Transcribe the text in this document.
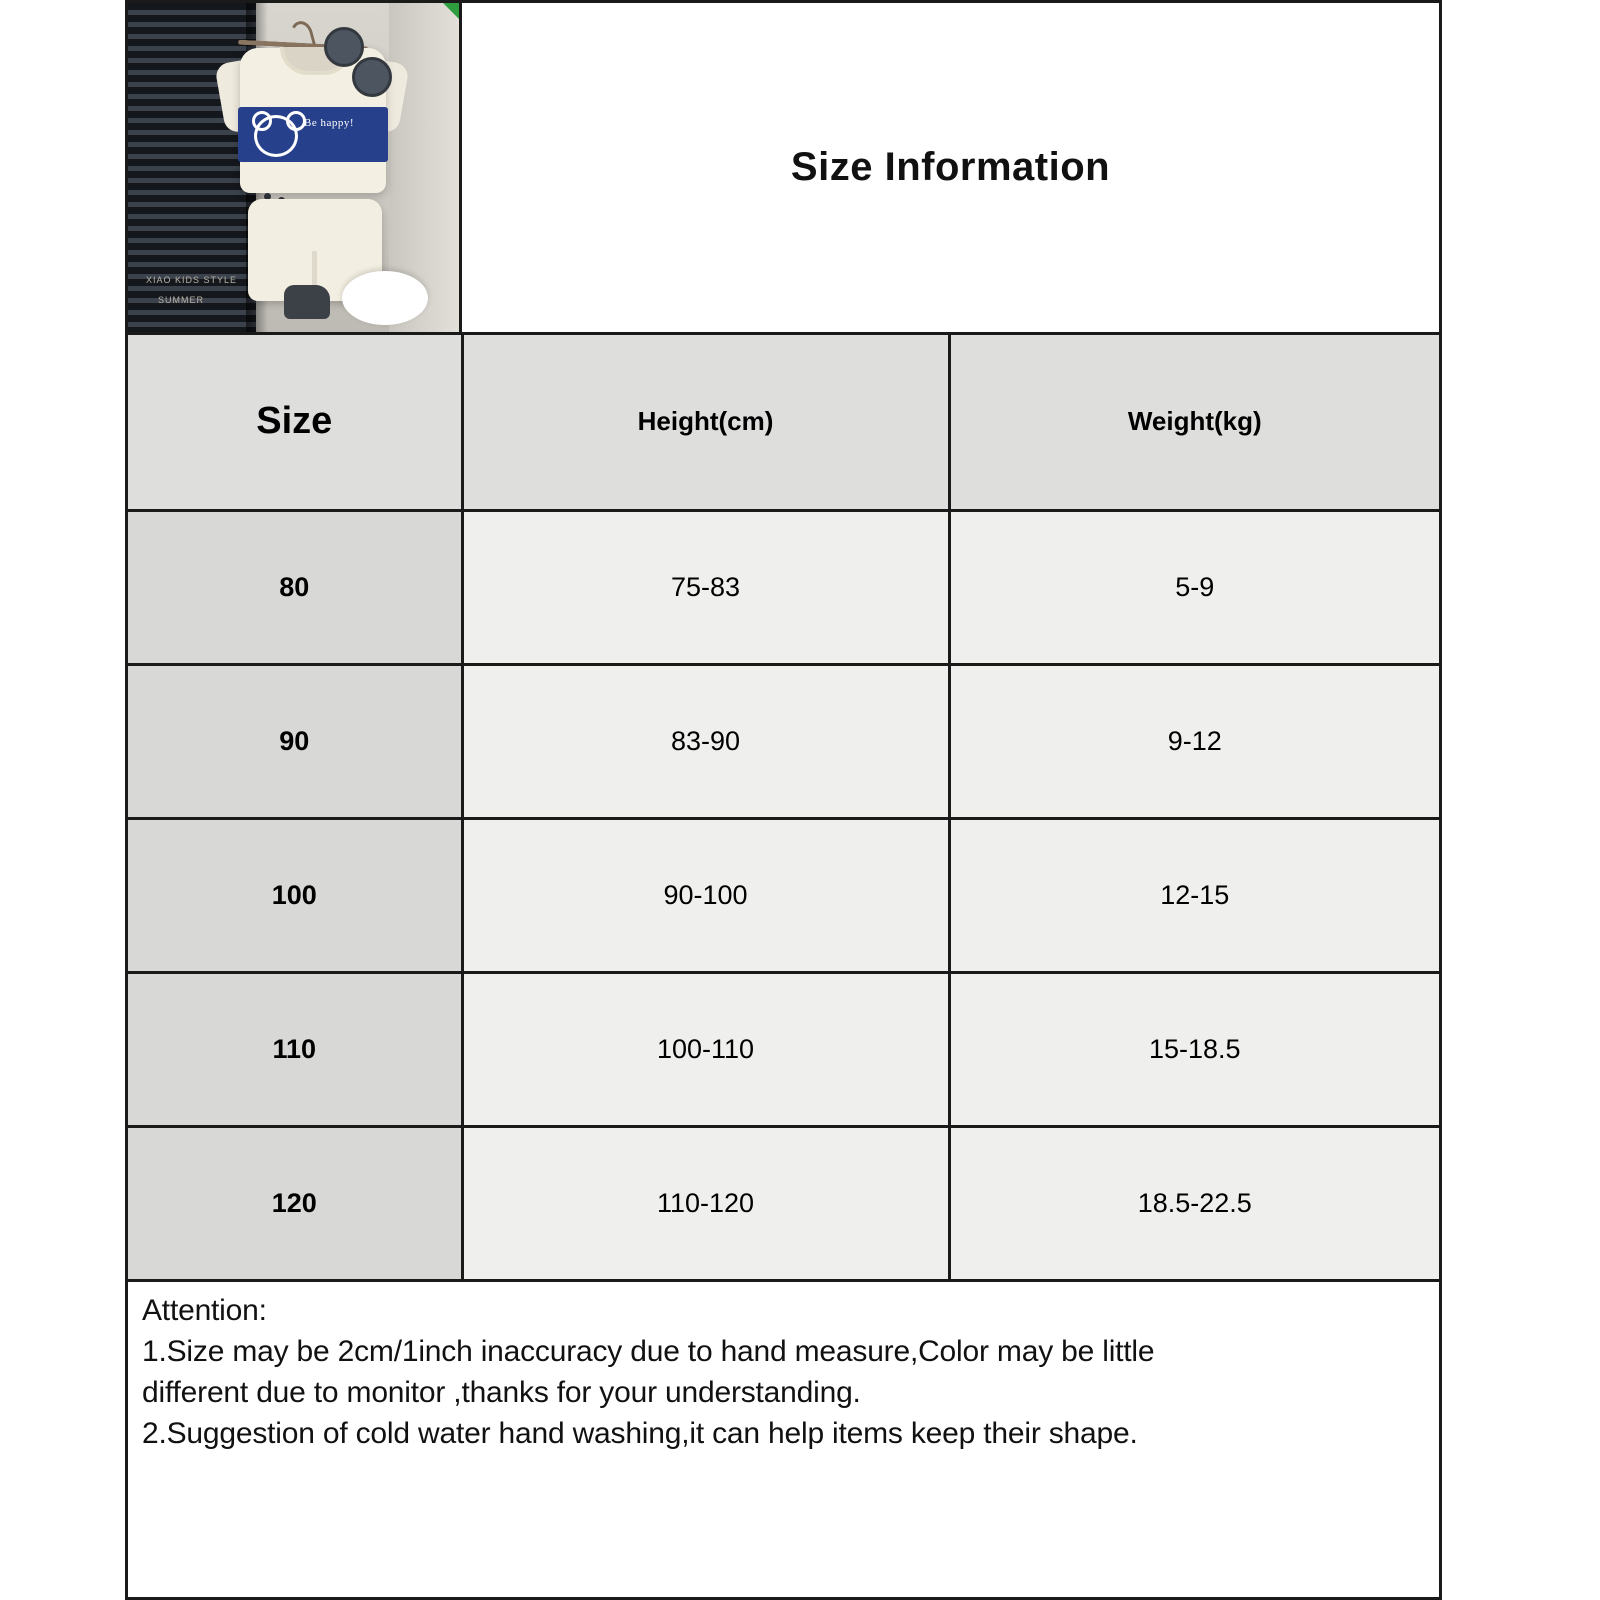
Be happy!
XIAO KIDS STYLE
SUMMER
Size Information
Size	Height(cm)	Weight(kg)
80	75-83	5-9
90	83-90	9-12
100	90-100	12-15
110	100-110	15-18.5
120	110-120	18.5-22.5
Attention:
1.Size may be 2cm/1inch inaccuracy due to hand measure,Color may be little
different due to monitor ,thanks for your understanding.
2.Suggestion of cold water hand washing,it can help items keep their shape.
